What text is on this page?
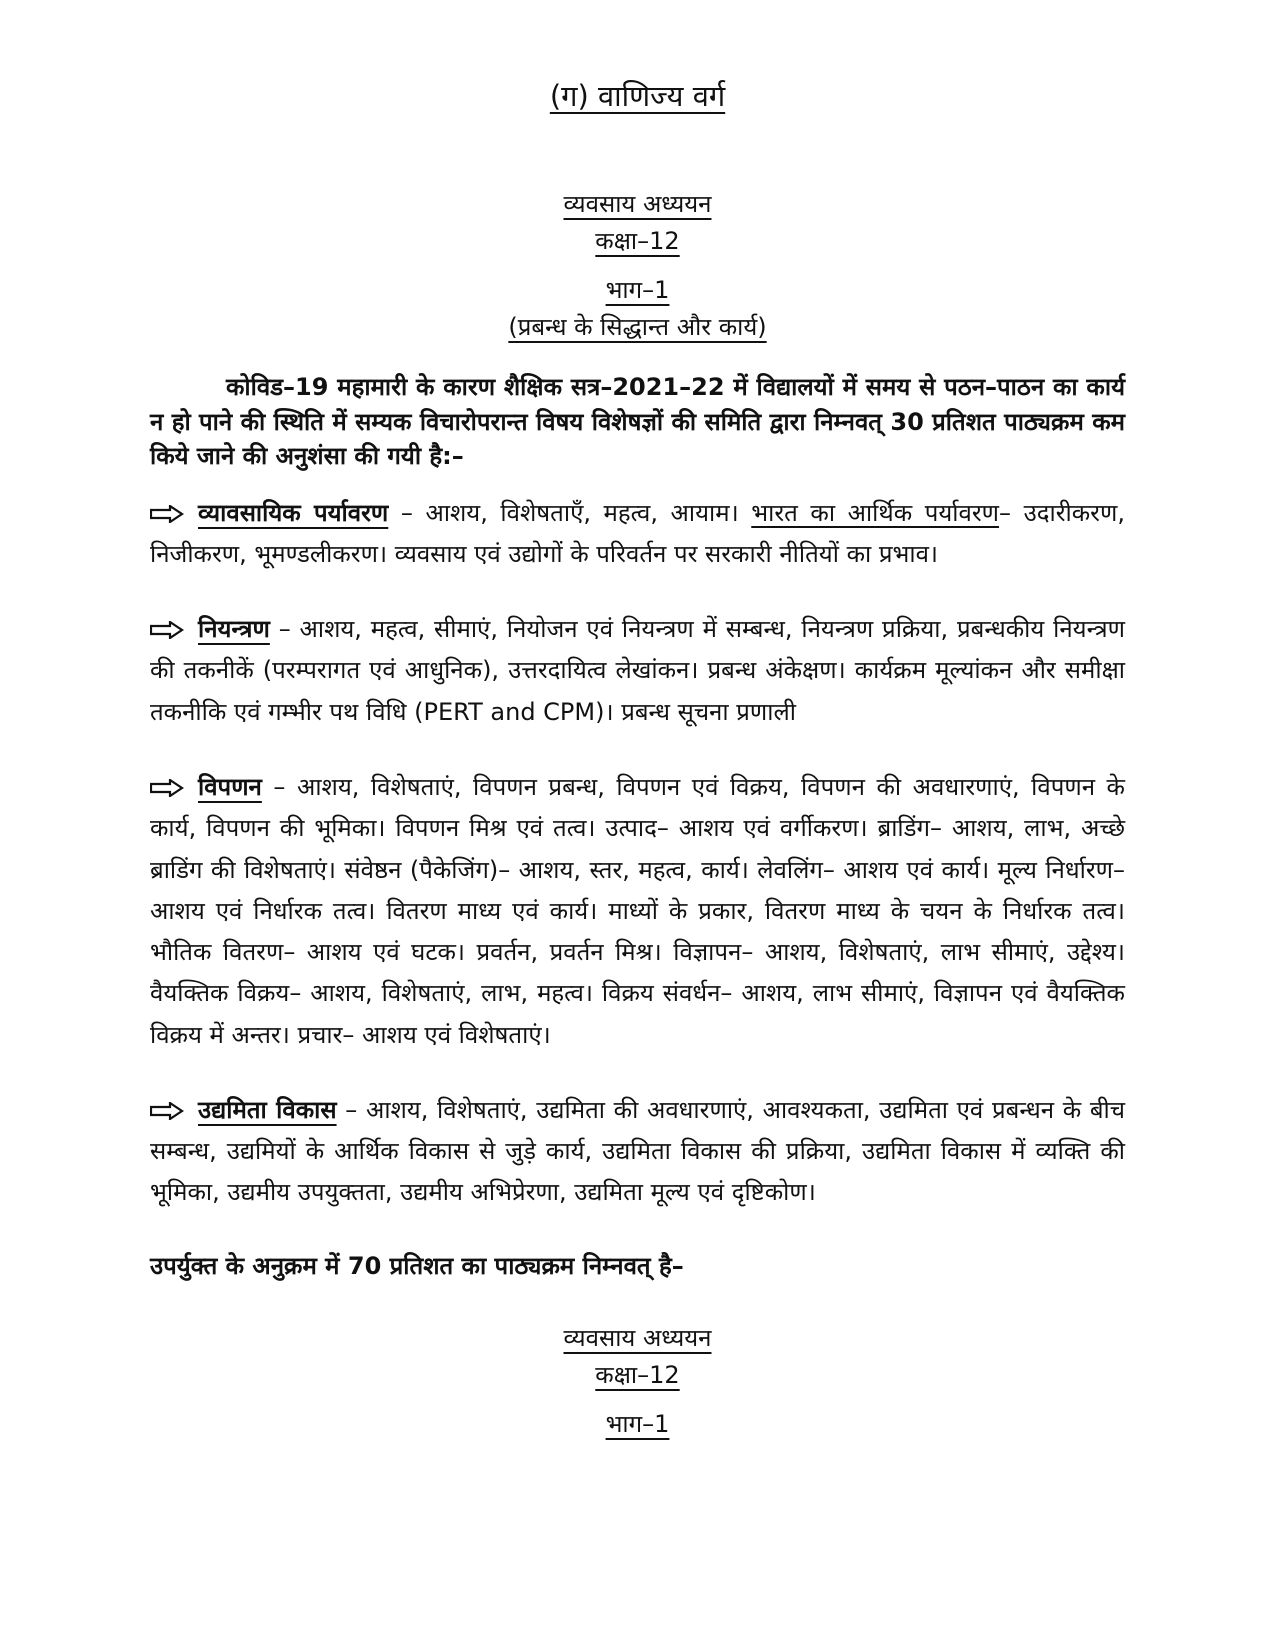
(ग) वाणिज्य वर्ग

व्यवसाय अध्ययन

कक्षा–12

भाग–1

(प्रबन्ध के सिद्धान्त और कार्य)

कोविड–19 महामारी के कारण शैक्षिक सत्र–2021–22 में विद्यालयों में समय से पठन–पाठन का कार्य न हो पाने की स्थिति में सम्यक विचारोपरान्त विषय विशेषज्ञों की समिति द्वारा निम्नवत् 30 प्रतिशत पाठ्यक्रम कम किये जाने की अनुशंसा की गयी है:–

व्यावसायिक पर्यावरण – आशय, विशेषताएँ, महत्व, आयाम। भारत का आर्थिक पर्यावरण– उदारीकरण, निजीकरण, भूमण्डलीकरण। व्यवसाय एवं उद्योगों के परिवर्तन पर सरकारी नीतियों का प्रभाव।

नियन्त्रण – आशय, महत्व, सीमाएं, नियोजन एवं नियन्त्रण में सम्बन्ध, नियन्त्रण प्रक्रिया, प्रबन्धकीय नियन्त्रण की तकनीकें (परम्परागत एवं आधुनिक), उत्तरदायित्व लेखांकन। प्रबन्ध अंकेक्षण। कार्यक्रम मूल्यांकन और समीक्षा तकनीकि एवं गम्भीर पथ विधि (PERT and CPM)। प्रबन्ध सूचना प्रणाली

विपणन – आशय, विशेषताएं, विपणन प्रबन्ध, विपणन एवं विक्रय, विपणन की अवधारणाएं, विपणन के कार्य, विपणन की भूमिका। विपणन मिश्र एवं तत्व। उत्पाद– आशय एवं वर्गीकरण। ब्राडिंग– आशय, लाभ, अच्छे ब्राडिंग की विशेषताएं। संवेष्ठन (पैकेजिंग)– आशय, स्तर, महत्व, कार्य। लेवलिंग– आशय एवं कार्य। मूल्य निर्धारण– आशय एवं निर्धारक तत्व। वितरण माध्य एवं कार्य। माध्यों के प्रकार, वितरण माध्य के चयन के निर्धारक तत्व। भौतिक वितरण– आशय एवं घटक। प्रवर्तन, प्रवर्तन मिश्र। विज्ञापन– आशय, विशेषताएं, लाभ सीमाएं, उद्देश्य। वैयक्तिक विक्रय– आशय, विशेषताएं, लाभ, महत्व। विक्रय संवर्धन– आशय, लाभ सीमाएं, विज्ञापन एवं वैयक्तिक विक्रय में अन्तर। प्रचार– आशय एवं विशेषताएं।

उद्यमिता विकास – आशय, विशेषताएं, उद्यमिता की अवधारणाएं, आवश्यकता, उद्यमिता एवं प्रबन्धन के बीच सम्बन्ध, उद्यमियों के आर्थिक विकास से जुड़े कार्य, उद्यमिता विकास की प्रक्रिया, उद्यमिता विकास में व्यक्ति की भूमिका, उद्यमीय उपयुक्तता, उद्यमीय अभिप्रेरणा, उद्यमिता मूल्य एवं दृष्टिकोण।

उपर्युक्त के अनुक्रम में 70 प्रतिशत का पाठ्यक्रम निम्नवत् है–

व्यवसाय अध्ययन

कक्षा–12

भाग–1
